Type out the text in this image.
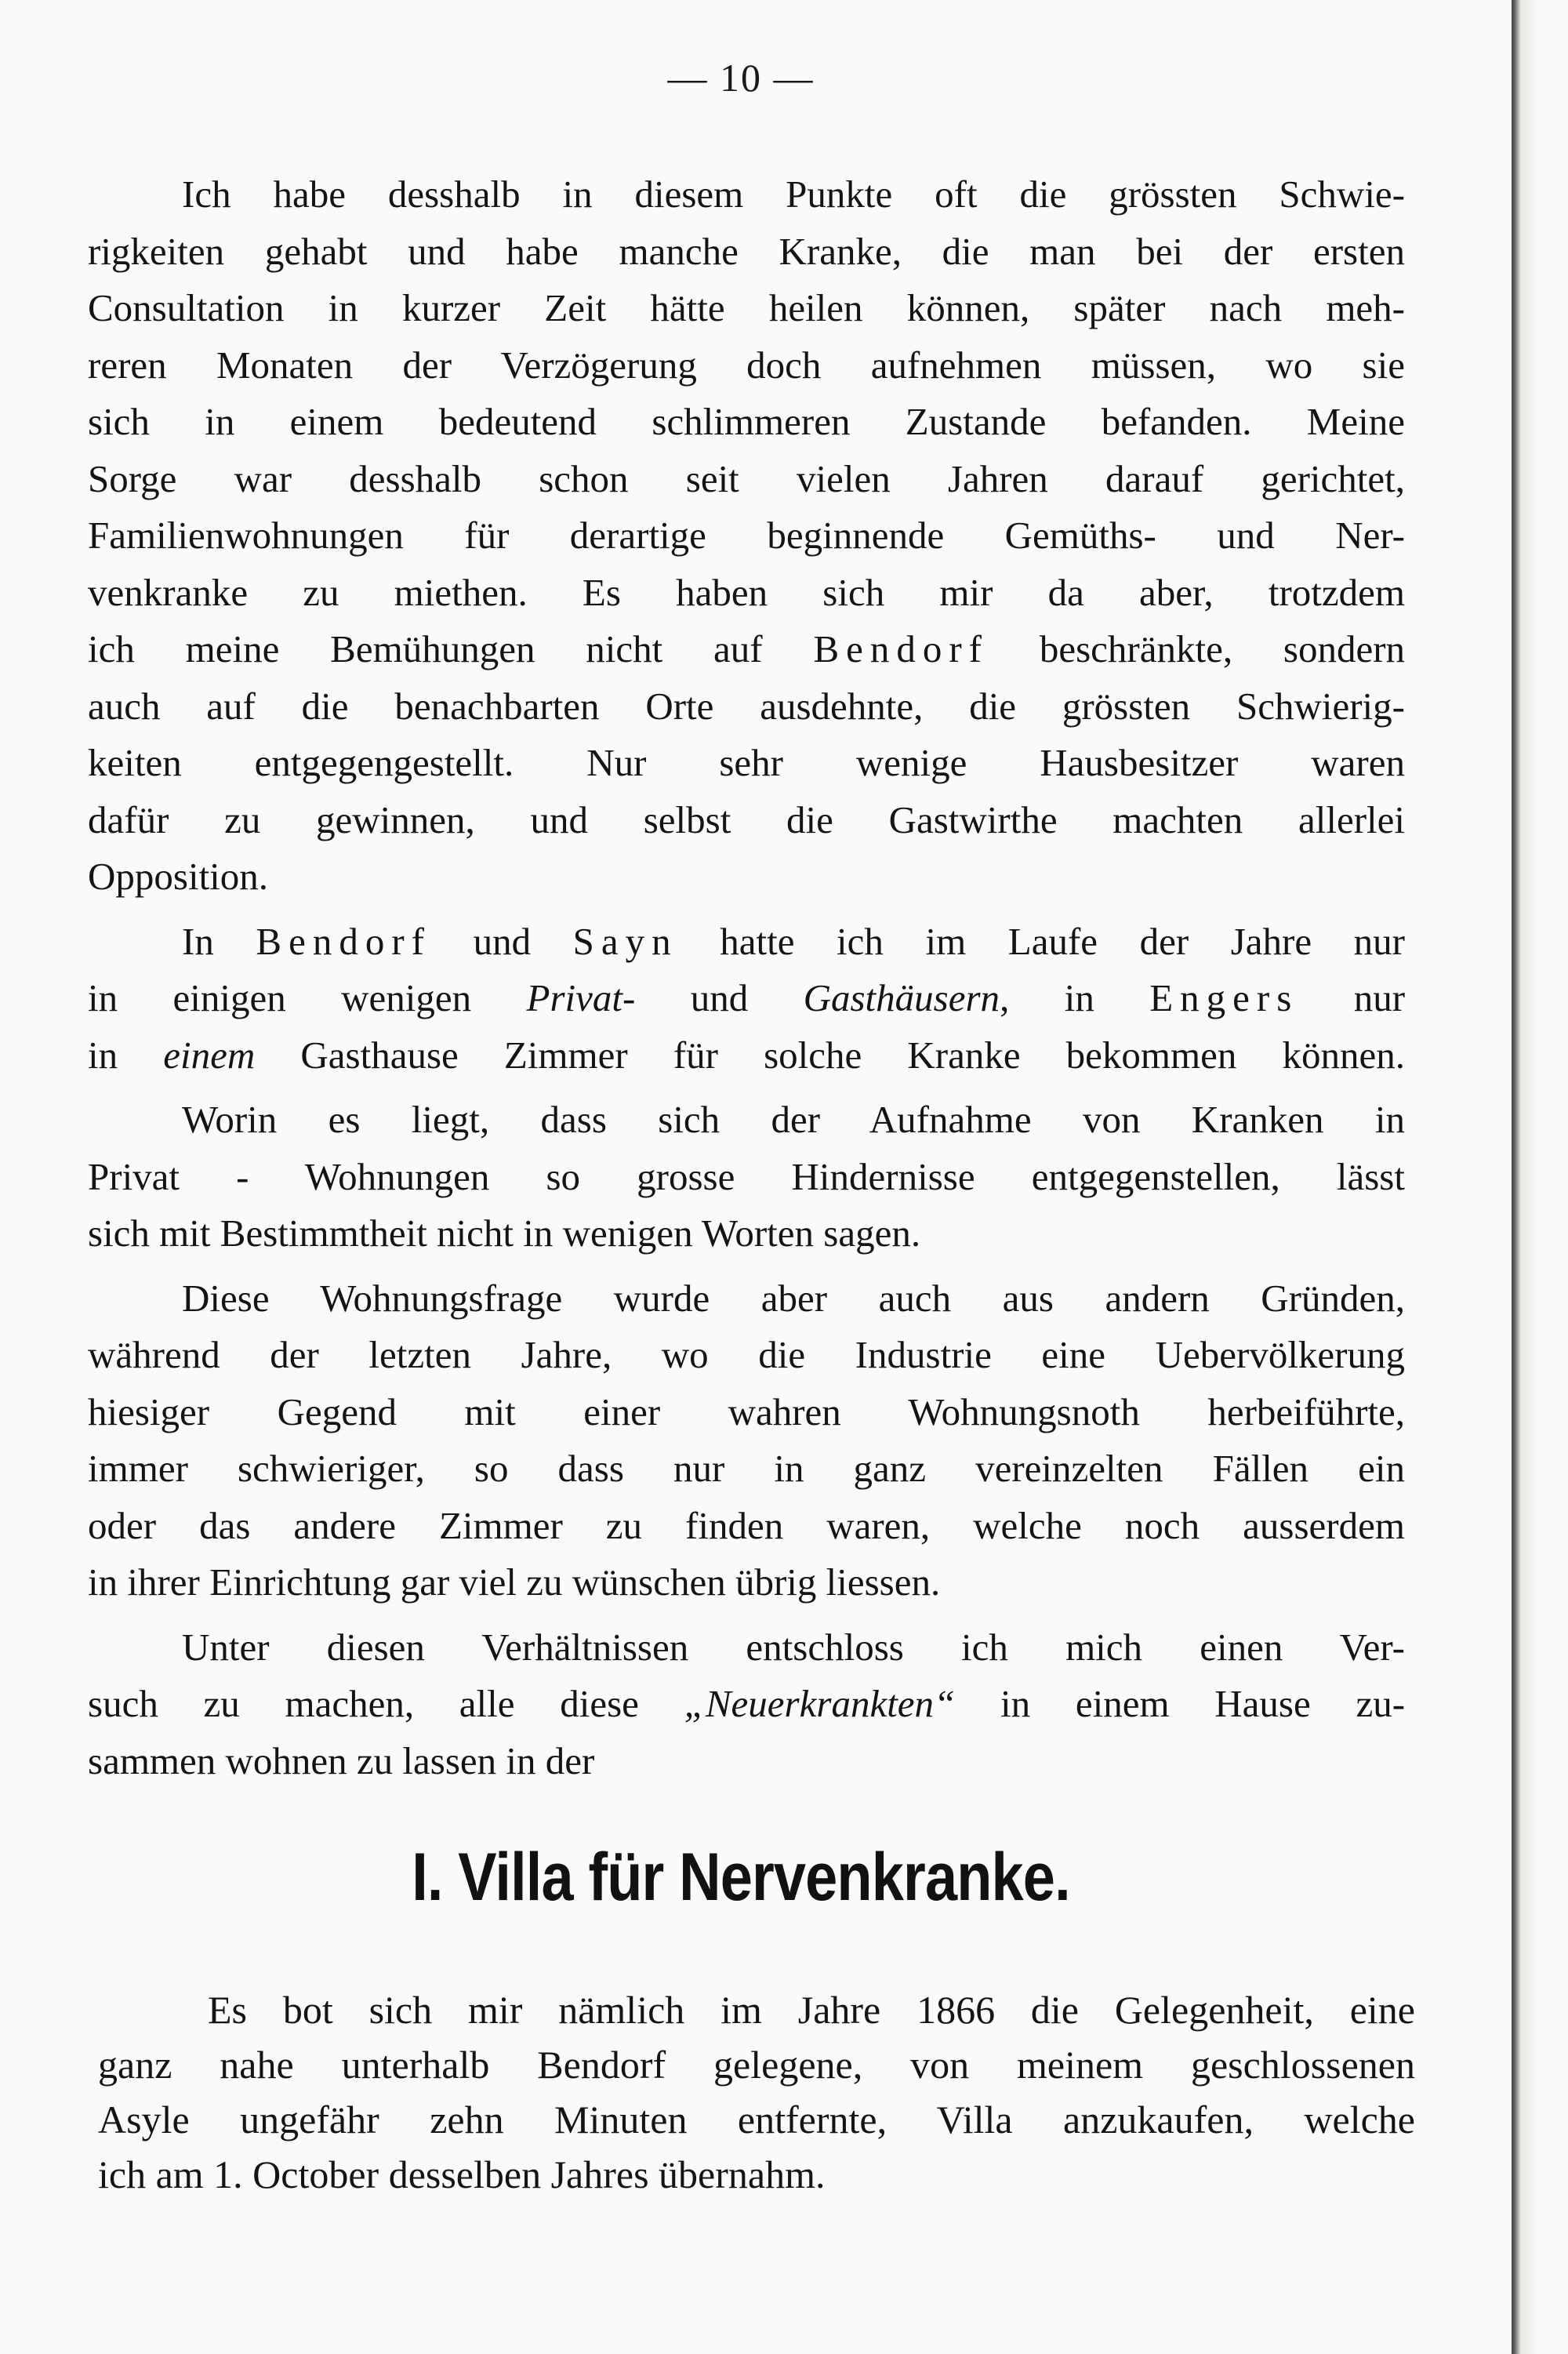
— 10 —
Ich habe desshalb in diesem Punkte oft die grössten Schwie-
rigkeiten gehabt und habe manche Kranke, die man bei der ersten
Consultation in kurzer Zeit hätte heilen können, später nach meh-
reren Monaten der Verzögerung doch aufnehmen müssen, wo sie
sich in einem bedeutend schlimmeren Zustande befanden. Meine
Sorge war desshalb schon seit vielen Jahren darauf gerichtet,
Familienwohnungen für derartige beginnende Gemüths- und Ner-
venkranke zu miethen. Es haben sich mir da aber, trotzdem
ich meine Bemühungen nicht auf Bendorf beschränkte, sondern
auch auf die benachbarten Orte ausdehnte, die grössten Schwierig-
keiten entgegengestellt. Nur sehr wenige Hausbesitzer waren
dafür zu gewinnen, und selbst die Gastwirthe machten allerlei
Opposition.
In Bendorf und Sayn hatte ich im Laufe der Jahre nur
in einigen wenigen Privat- und Gasthäusern, in Engers nur
in einem Gasthause Zimmer für solche Kranke bekommen können.
Worin es liegt, dass sich der Aufnahme von Kranken in
Privat - Wohnungen so grosse Hindernisse entgegenstellen, lässt
sich mit Bestimmtheit nicht in wenigen Worten sagen.
Diese Wohnungsfrage wurde aber auch aus andern Gründen,
während der letzten Jahre, wo die Industrie eine Uebervölkerung
hiesiger Gegend mit einer wahren Wohnungsnoth herbeiführte,
immer schwieriger, so dass nur in ganz vereinzelten Fällen ein
oder das andere Zimmer zu finden waren, welche noch ausserdem
in ihrer Einrichtung gar viel zu wünschen übrig liessen.
Unter diesen Verhältnissen entschloss ich mich einen Ver-
such zu machen, alle diese „Neuerkrankten“ in einem Hause zu-
sammen wohnen zu lassen in der
I. Villa für Nervenkranke.
Es bot sich mir nämlich im Jahre 1866 die Gelegenheit, eine
ganz nahe unterhalb Bendorf gelegene, von meinem geschlossenen
Asyle ungefähr zehn Minuten entfernte, Villa anzukaufen, welche
ich am 1. October desselben Jahres übernahm.
